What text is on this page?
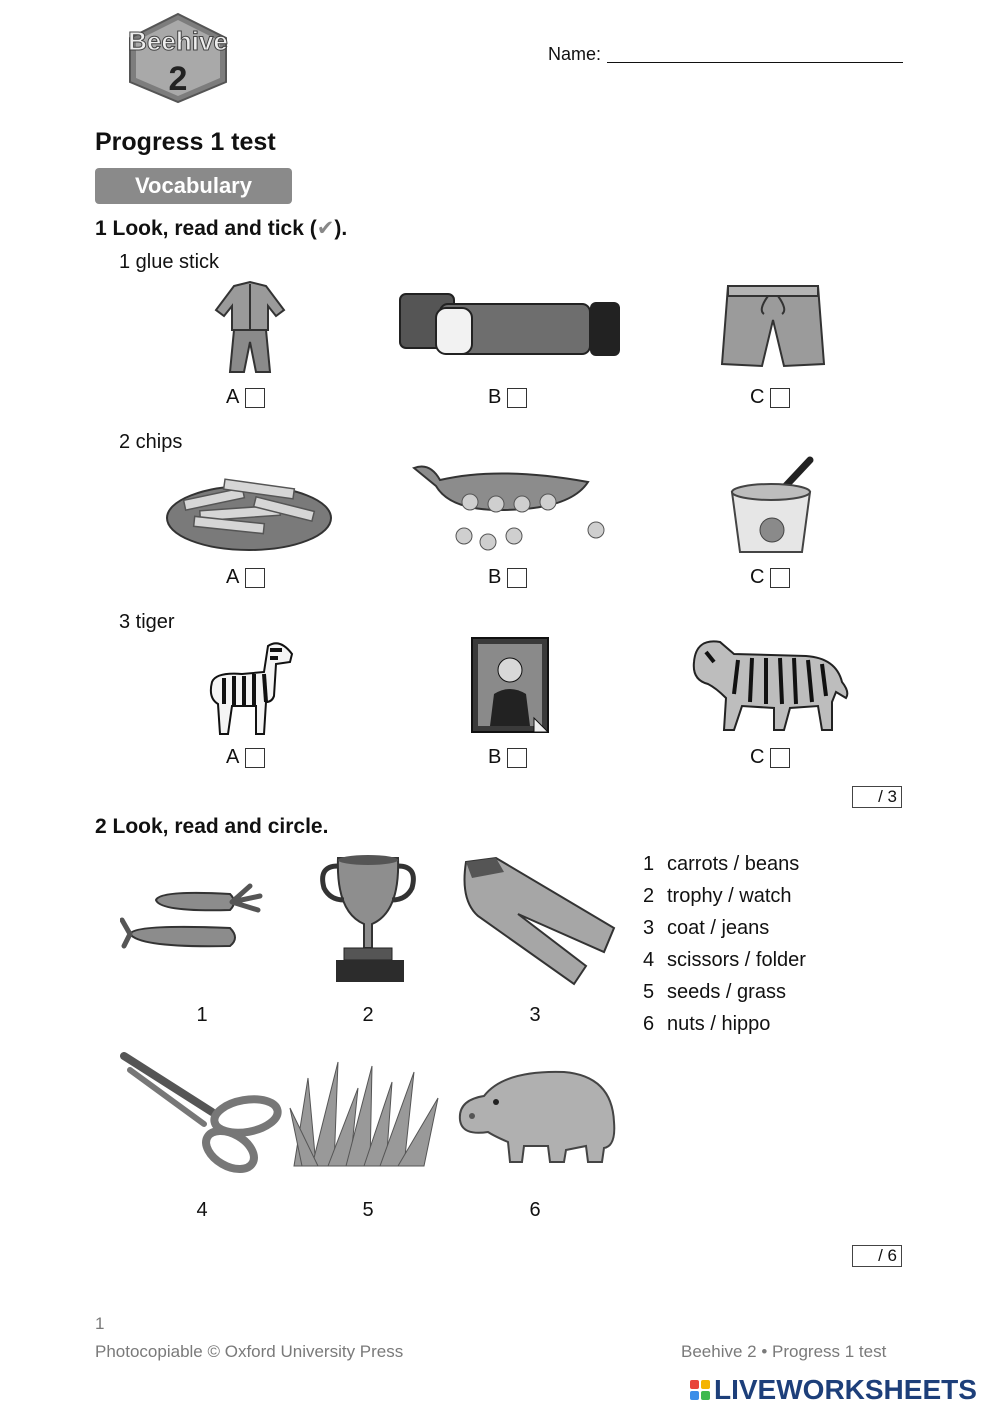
Beehive
2
Name:
Progress 1 test
Vocabulary
1 Look, read and tick (✔).
1 glue stick
A	B	C
2 chips
A	B	C
3 tiger
A	B	C
/ 3
2 Look, read and circle.
1	2	3
4	5	6
1 carrots / beans
2 trophy / watch
3 coat / jeans
4 scissors / folder
5 seeds / grass
6 nuts / hippo
/ 6
1
Photocopiable © Oxford University Press	Beehive 2 • Progress 1 test
LIVEWORKSHEETS
